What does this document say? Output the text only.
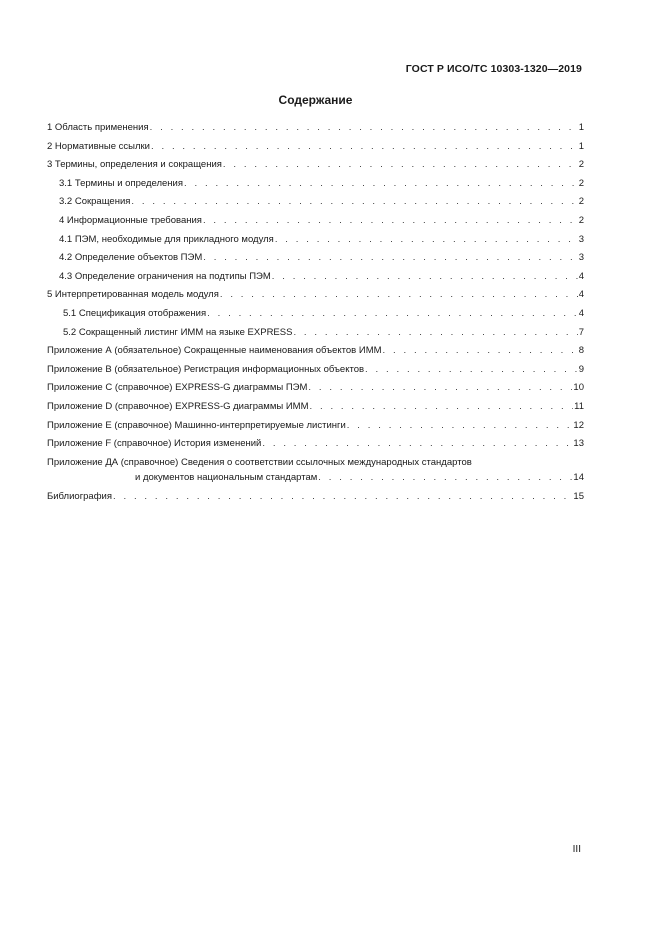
ГОСТ Р ИСО/ТС 10303-1320—2019
Содержание
1 Область применения . . .	1
2 Нормативные ссылки . . .	1
3 Термины, определения и сокращения . . .	2
3.1 Термины и определения . . .	2
3.2 Сокращения . . .	2
4 Информационные требования . . .	2
4.1 ПЭМ, необходимые для прикладного модуля . . .	3
4.2 Определение объектов ПЭМ . . .	3
4.3 Определение ограничения на подтипы ПЭМ . . .	4
5 Интерпретированная модель модуля . . .	4
5.1 Спецификация отображения . . .	4
5.2 Сокращенный листинг ИММ на языке EXPRESS . . .	7
Приложение А (обязательное) Сокращенные наименования объектов ИММ . . .	8
Приложение В (обязательное) Регистрация информационных объектов . . .	9
Приложение С (справочное) EXPRESS-G диаграммы ПЭМ . . .	10
Приложение D (справочное) EXPRESS-G диаграммы ИММ . . .	11
Приложение Е (справочное) Машинно-интерпретируемые листинги . . .	12
Приложение F (справочное) История изменений . . .	13
Приложение ДА (справочное) Сведения о соответствии ссылочных международных стандартов
и документов национальным стандартам . . .	14
Библиография . . .	15
III
